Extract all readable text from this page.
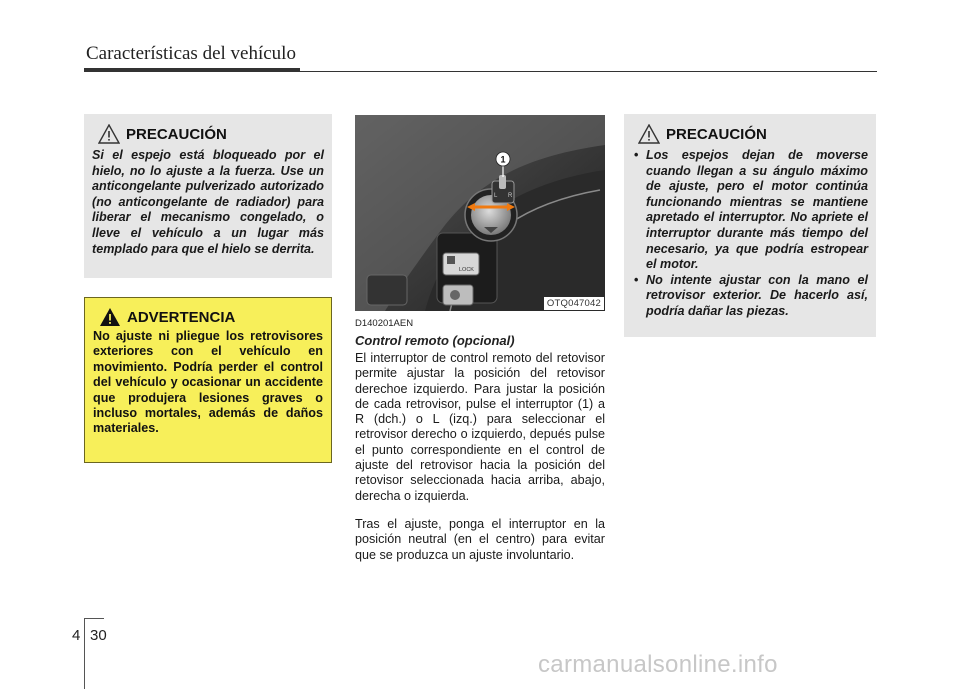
Características del vehículo
PRECAUCIÓN
Si el espejo está bloqueado por el hielo, no lo ajuste a la fuerza. Use un anticongelante pulverizado autorizado (no anticongelante de radiador) para liberar el mecanismo congelado, o lleve el vehículo a un lugar más templado para que el hielo se derrita.
ADVERTENCIA
No ajuste ni pliegue los retrovisores exteriores con el vehículo en movimiento. Podría perder el control del vehículo y ocasionar un accidente que produjera lesiones graves o incluso mortales, además de daños materiales.
L R
1
LOCK
OTQ047042
D140201AEN
Control remoto (opcional)

El interruptor de control remoto del retovisor permite ajustar la posición del retovisor derechoe izquierdo. Para justar la posición de cada retrovisor, pulse el interruptor (1) a R (dch.) o L (izq.) para seleccionar el retrovisor derecho o izquierdo, depués pulse el punto correspondiente en el control de ajuste del retrovisor hacia la posición del retovisor seleccionada hacia arriba, abajo, derecha o izquierda.

Tras el ajuste, ponga el interruptor en la posición neutral (en el centro) para evitar que se produzca un ajuste involuntario.

PRECAUCIÓN
• Los espejos dejan de moverse cuando llegan a su ángulo máximo de ajuste, pero el motor continúa funcionando mientras se mantiene apretado el interruptor. No apriete el interruptor durante más tiempo del necesario, ya que podría estropear el motor.
• No intente ajustar con la mano el retrovisor exterior. De hacerlo así, podría dañar las piezas.
4 30
carmanualsonline.info
